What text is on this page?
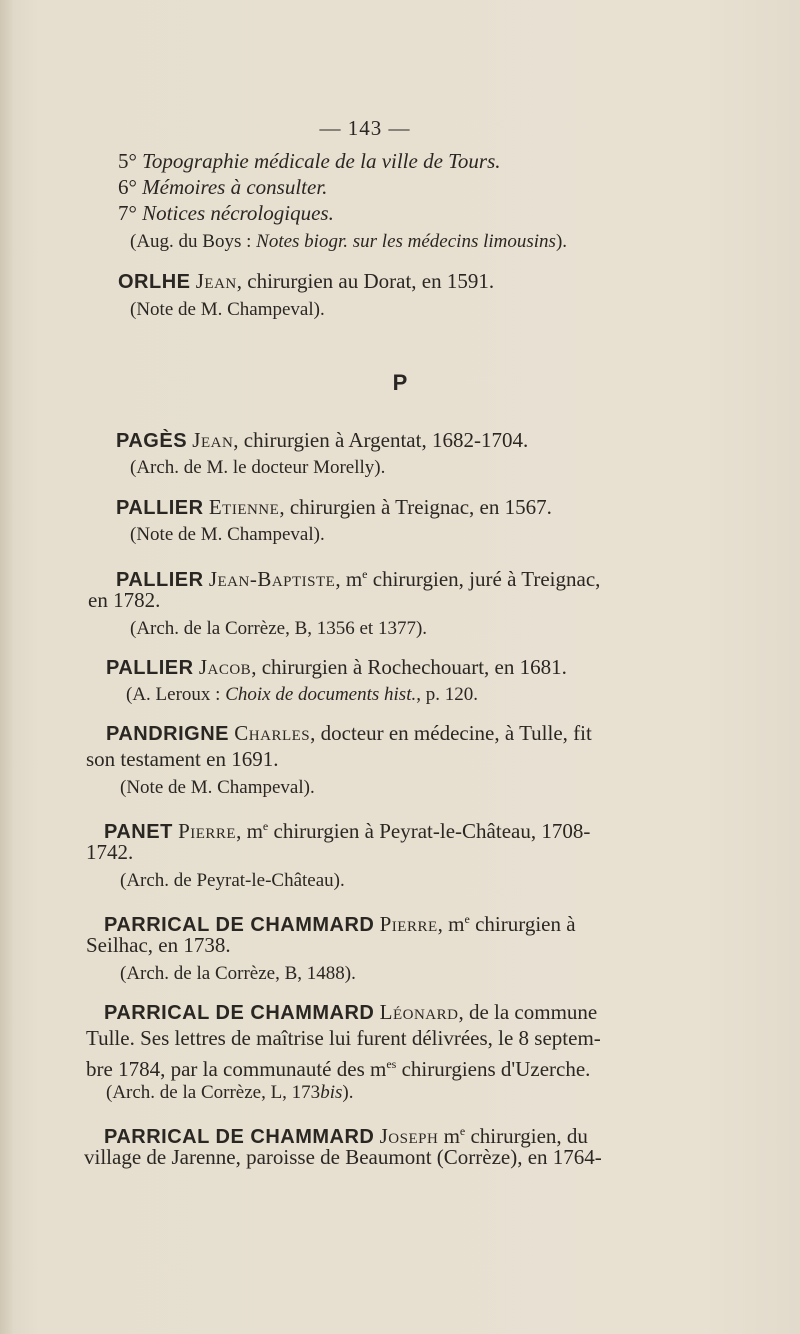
— 143 —
5° Topographie médicale de la ville de Tours.
6° Mémoires à consulter.
7° Notices nécrologiques.
(Aug. du Boys : Notes biogr. sur les médecins limousins).
ORLHE Jean, chirurgien au Dorat, en 1591.
(Note de M. Champeval).
P
PAGÈS Jean, chirurgien à Argentat, 1682-1704.
(Arch. de M. le docteur Morelly).
PALLIER Etienne, chirurgien à Treignac, en 1567.
(Note de M. Champeval).
PALLIER Jean-Baptiste, $m^e$ chirurgien, juré à Treignac,
en 1782.
(Arch. de la Corrèze, B, 1356 et 1377).
PALLIER Jacob, chirurgien à Rochechouart, en 1681.
(A. Leroux : Choix de documents hist., p. 120.
PANDRIGNE Charles, docteur en médecine, à Tulle, fit
son testament en 1691.
(Note de M. Champeval).
PANET Pierre, $m^e$ chirurgien à Peyrat-le-Château, 1708-
1742.
(Arch. de Peyrat-le-Château).
PARRICAL DE CHAMMARD Pierre, $m^e$ chirurgien à
Seilhac, en 1738.
(Arch. de la Corrèze, B, 1488).
PARRICAL DE CHAMMARD Léonard, de la commune
Tulle. Ses lettres de maîtrise lui furent délivrées, le 8 septem-
bre 1784, par la communauté des $m^{es}$ chirurgiens d'Uzerche.
(Arch. de la Corrèze, L, 173bis).
PARRICAL DE CHAMMARD Joseph $m^e$ chirurgien, du
village de Jarenne, paroisse de Beaumont (Corrèze), en 1764-
